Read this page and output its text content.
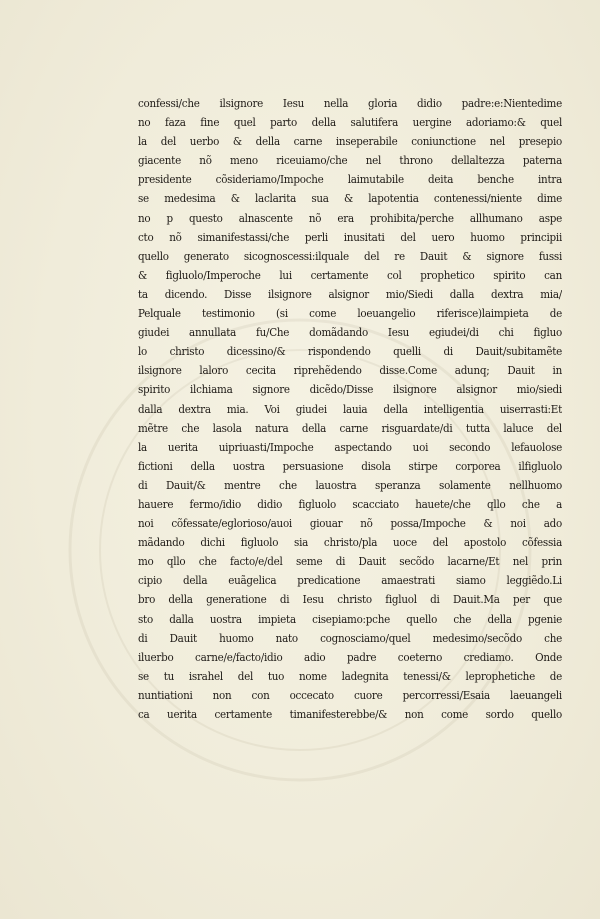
confessi/che ilsignore Iesu nella gloria didio padre:e:Nientedime
no faza fine quel parto della salutifera uergine adoriamo:& quel
la del uerbo & della carne inseperabile coniunctione nel presepio
giacente nõ meno riceuiamo/che nel throno dellaltezza paterna
presidente cõsideriamo/Impoche laimutabile deita benche intra
se medesima & laclarita sua & lapotentia contenessi/niente dime
no p questo alnascente nõ era prohibita/perche allhumano aspe
cto nõ simanifestassi/che perli inusitati del uero huomo principii
quello generato sicognoscessi:ilquale del re Dauit & signore fussi
& figluolo/Imperoche lui certamente col prophetico spirito can
ta dicendo. Disse ilsignore alsignor mio/Siedi dalla dextra mia/
Pelquale testimonio (si come loeuangelio riferisce)laimpieta de
giudei annullata fu/Che domãdando Iesu egiudei/di chi figluo
lo christo dicessino/& rispondendo quelli di Dauit/subitamẽte
ilsignore laloro cecita riprehẽdendo disse.Come adunq; Dauit in
spirito ilchiama signore dicẽdo/Disse ilsignore alsignor mio/siedi
dalla dextra mia. Voi giudei lauia della intelligentia uiserrasti:Et
mẽtre che lasola natura della carne risguardate/di tutta laluce del
la uerita uipriuasti/Impoche aspectando uoi secondo lefauolose
fictioni della uostra persuasione disola stirpe corporea ilfigluolo
di Dauit/& mentre che lauostra speranza solamente nellhuomo
hauere fermo/idio didio figluolo scacciato hauete/che qllo che a
noi cõfessate/eglorioso/auoi giouar nõ possa/Impoche & noi ado
mãdando dichi figluolo sia christo/pla uoce del apostolo cõfessia
mo qllo che facto/e/del seme di Dauit secõdo lacarne/Et nel prin
cipio della euãgelica predicatione amaestrati siamo leggiẽdo.Li
bro della generatione di Iesu christo figluol di Dauit.Ma per que
sto dalla uostra impieta cisepiamo:pche quello che della pgenie
di Dauit huomo nato cognosciamo/quel medesimo/secõdo che
iluerbo carne/e/facto/idio adio padre coeterno crediamo. Onde
se tu israhel del tuo nome ladegnita tenessi/& leprophetiche de
nuntiationi non con occecato cuore percorressi/Esaia laeuangeli
ca uerita certamente timanifesterebbe/& non come sordo quello
